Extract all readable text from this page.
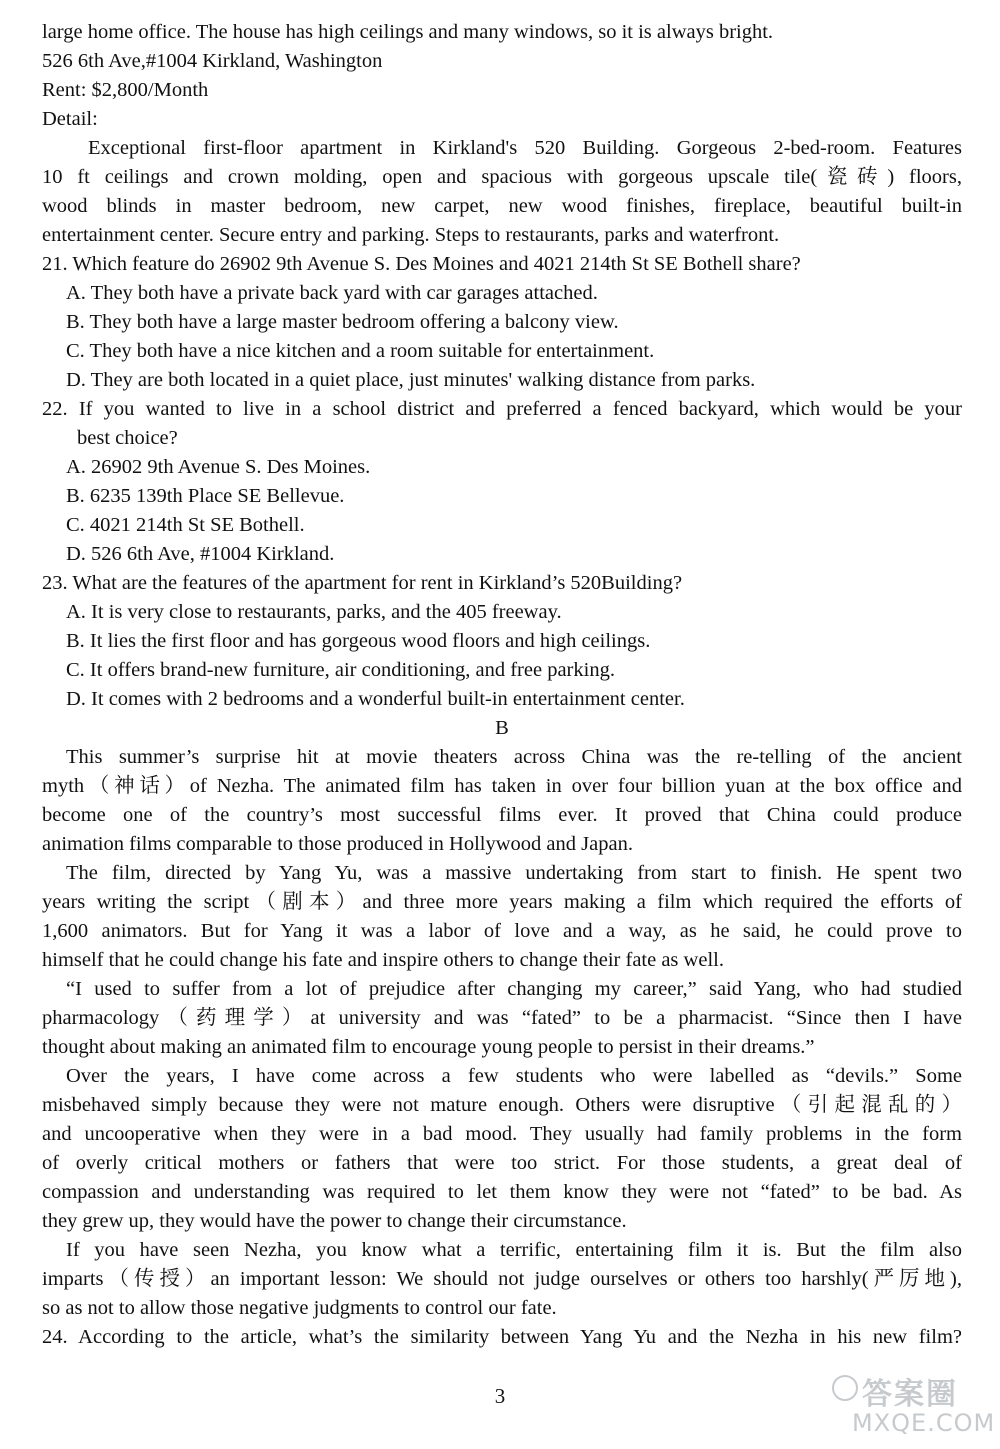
large home office. The house has high ceilings and many windows, so it is always bright.
526 6th Ave,#1004 Kirkland, Washington
Rent: $2,800/Month
Detail:
Exceptional first-floor apartment in Kirkland's 520 Building. Gorgeous 2-bed-room. Features
10 ft ceilings and crown molding, open and spacious with gorgeous upscale tile(瓷砖) floors,
wood blinds in master bedroom, new carpet, new wood finishes, fireplace, beautiful built-in
entertainment center. Secure entry and parking. Steps to restaurants, parks and waterfront.
21. Which feature do 26902 9th Avenue S. Des Moines and 4021 214th St SE Bothell share?
A. They both have a private back yard with car garages attached.
B. They both have a large master bedroom offering a balcony view.
C. They both have a nice kitchen and a room suitable for entertainment.
D. They are both located in a quiet place, just minutes' walking distance from parks.
22. If you wanted to live in a school district and preferred a fenced backyard, which would be your
best choice?
A. 26902 9th Avenue S. Des Moines.
B. 6235 139th Place SE Bellevue.
C. 4021 214th St SE Bothell.
D. 526 6th Ave, #1004 Kirkland.
23. What are the features of the apartment for rent in Kirkland’s 520Building?
A. It is very close to restaurants, parks, and the 405 freeway.
B. It lies the first floor and has gorgeous wood floors and high ceilings.
C. It offers brand-new furniture, air conditioning, and free parking.
D. It comes with 2 bedrooms and a wonderful built-in entertainment center.
B
This summer’s surprise hit at movie theaters across China was the re-telling of the ancient
myth（神话）of Nezha. The animated film has taken in over four billion yuan at the box office and
become one of the country’s most successful films ever. It proved that China could produce
animation films comparable to those produced in Hollywood and Japan.
The film, directed by Yang Yu, was a massive undertaking from start to finish. He spent two
years writing the script（剧本）and three more years making a film which required the efforts of
1,600 animators. But for Yang it was a labor of love and a way, as he said, he could prove to
himself that he could change his fate and inspire others to change their fate as well.
“I used to suffer from a lot of prejudice after changing my career,” said Yang, who had studied
pharmacology（药理学）at university and was “fated” to be a pharmacist. “Since then I have
thought about making an animated film to encourage young people to persist in their dreams.”
Over the years, I have come across a few students who were labelled as “devils.” Some
misbehaved simply because they were not mature enough. Others were disruptive（引起混乱的）
and uncooperative when they were in a bad mood. They usually had family problems in the form
of overly critical mothers or fathers that were too strict. For those students, a great deal of
compassion and understanding was required to let them know they were not “fated” to be bad. As
they grew up, they would have the power to change their circumstance.
If you have seen Nezha, you know what a terrific, entertaining film it is. But the film also
imparts（传授）an important lesson: We should not judge ourselves or others too harshly(严厉地),
so as not to allow those negative judgments to control our fate.
24. According to the article, what’s the similarity between Yang Yu and the Nezha in his new film?
3	答案圈
MXQE.COM
